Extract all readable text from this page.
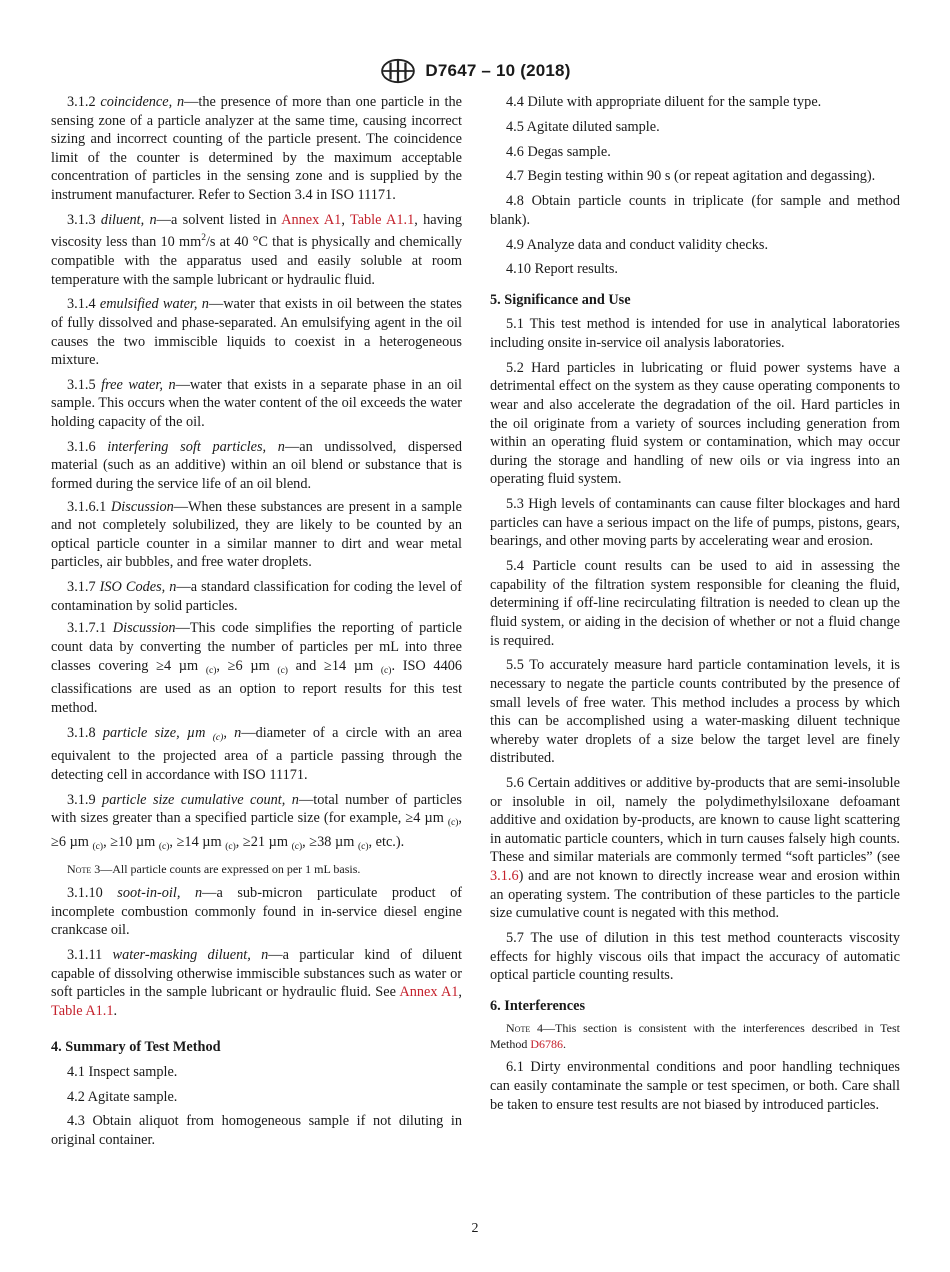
D7647 – 10 (2018)

3.1.2 coincidence, n—the presence of more than one particle in the sensing zone of a particle analyzer at the same time, causing incorrect sizing and incorrect counting of the particle present. The coincidence limit of the counter is determined by the maximum acceptable concentration of particles in the sensing zone and is supplied by the instrument manufacturer. Refer to Section 3.4 in ISO 11171.

3.1.3 diluent, n—a solvent listed in Annex A1, Table A1.1, having viscosity less than 10 $mm^2/s$ at 40 °C that is physically and chemically compatible with the apparatus used and easily soluble at room temperature with the sample lubricant or hydraulic fluid.

3.1.4 emulsified water, n—water that exists in oil between the states of fully dissolved and phase-separated. An emulsifying agent in the oil causes the two immiscible liquids to coexist in a heterogeneous mixture.

3.1.5 free water, n—water that exists in a separate phase in an oil sample. This occurs when the water content of the oil exceeds the water holding capacity of the oil.

3.1.6 interfering soft particles, n—an undissolved, dispersed material (such as an additive) within an oil blend or substance that is formed during the service life of an oil blend.

3.1.6.1 Discussion—When these substances are present in a sample and not completely solubilized, they are likely to be counted by an optical particle counter in a similar manner to dirt and wear metal particles, air bubbles, and free water droplets.

3.1.7 ISO Codes, n—a standard classification for coding the level of contamination by solid particles.

3.1.7.1 Discussion—This code simplifies the reporting of particle count data by converting the number of particles per mL into three classes covering ≥4 µm $_{(c)}$, ≥6 µm $_{(c)}$ and ≥14 µm $_{(c)}$. ISO 4406 classifications are used as an option to report results for this test method.

3.1.8 particle size, µm $_{(c)}$, n—diameter of a circle with an area equivalent to the projected area of a particle passing through the detecting cell in accordance with ISO 11171.

3.1.9 particle size cumulative count, n—total number of particles with sizes greater than a specified particle size (for example, ≥4 µm $_{(c)}$, ≥6 µm $_{(c)}$, ≥10 µm $_{(c)}$, ≥14 µm $_{(c)}$, ≥21 µm $_{(c)}$, ≥38 µm $_{(c)}$, etc.).

Note 3—All particle counts are expressed on per 1 mL basis.

3.1.10 soot-in-oil, n—a sub-micron particulate product of incomplete combustion commonly found in in-service diesel engine crankcase oil.

3.1.11 water-masking diluent, n—a particular kind of diluent capable of dissolving otherwise immiscible substances such as water or soft particles in the sample lubricant or hydraulic fluid. See Annex A1, Table A1.1.

4. Summary of Test Method

4.1 Inspect sample.

4.2 Agitate sample.

4.3 Obtain aliquot from homogeneous sample if not diluting in original container.

4.4 Dilute with appropriate diluent for the sample type.

4.5 Agitate diluted sample.

4.6 Degas sample.

4.7 Begin testing within 90 s (or repeat agitation and degassing).

4.8 Obtain particle counts in triplicate (for sample and method blank).

4.9 Analyze data and conduct validity checks.

4.10 Report results.

5. Significance and Use

5.1 This test method is intended for use in analytical laboratories including onsite in-service oil analysis laboratories.

5.2 Hard particles in lubricating or fluid power systems have a detrimental effect on the system as they cause operating components to wear and also accelerate the degradation of the oil. Hard particles in the oil originate from a variety of sources including generation from within an operating fluid system or contamination, which may occur during the storage and handling of new oils or via ingress into an operating fluid system.

5.3 High levels of contaminants can cause filter blockages and hard particles can have a serious impact on the life of pumps, pistons, gears, bearings, and other moving parts by accelerating wear and erosion.

5.4 Particle count results can be used to aid in assessing the capability of the filtration system responsible for cleaning the fluid, determining if off-line recirculating filtration is needed to clean up the fluid system, or aiding in the decision of whether or not a fluid change is required.

5.5 To accurately measure hard particle contamination levels, it is necessary to negate the particle counts contributed by the presence of small levels of free water. This method includes a process by which this can be accomplished using a water-masking diluent technique whereby water droplets of a size below the target level are finely distributed.

5.6 Certain additives or additive by-products that are semi-insoluble or insoluble in oil, namely the polydimethylsiloxane defoamant additive and oxidation by-products, are known to cause light scattering in automatic particle counters, which in turn causes falsely high counts. These and similar materials are commonly termed “soft particles” (see 3.1.6) and are not known to directly increase wear and erosion within an operating system. The contribution of these particles to the particle size cumulative count is negated with this method.

5.7 The use of dilution in this test method counteracts viscosity effects for highly viscous oils that impact the accuracy of automatic optical particle counting results.

6. Interferences
Note 4—This section is consistent with the interferences described in Test Method D6786.

6.1 Dirty environmental conditions and poor handling techniques can easily contaminate the sample or test specimen, or both. Care shall be taken to ensure test results are not biased by introduced particles.

2
